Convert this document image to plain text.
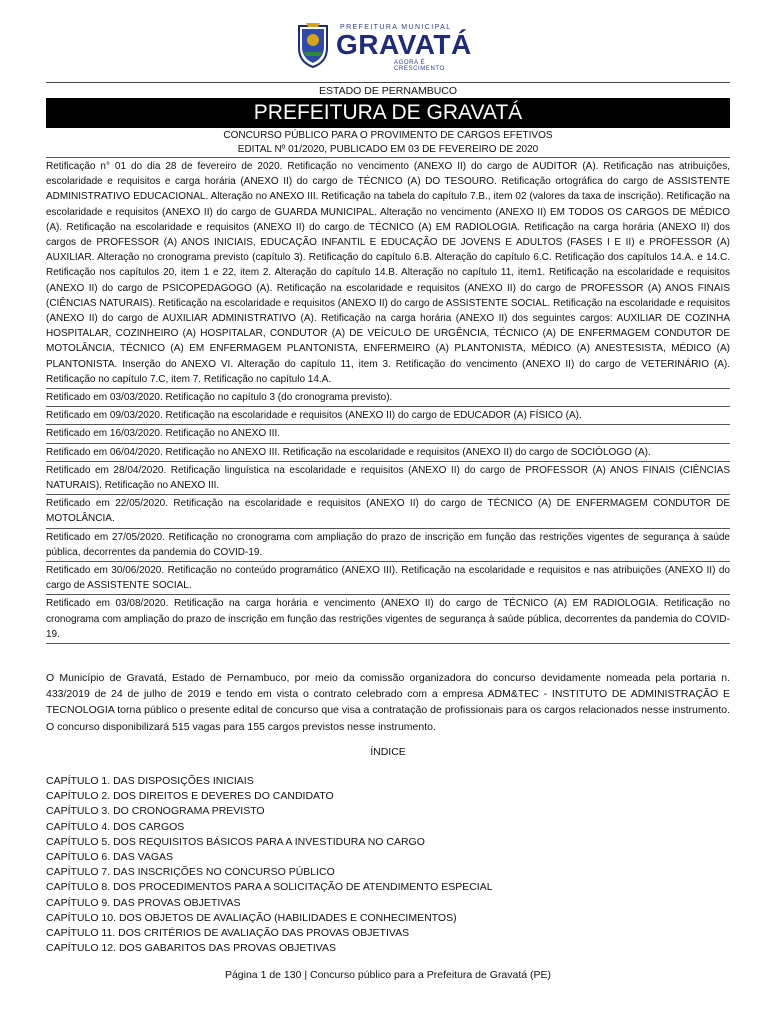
PREFEITURA MUNICIPAL
GRAVATÁ
AGORA É CRESCIMENTO
ESTADO DE PERNAMBUCO
PREFEITURA DE GRAVATÁ
CONCURSO PÚBLICO PARA O PROVIMENTO DE CARGOS EFETIVOS
EDITAL Nº 01/2020, PUBLICADO EM 03 DE FEVEREIRO DE 2020
Retificação n° 01 do dia 28 de fevereiro de 2020. Retificação no vencimento (ANEXO II) do cargo de AUDITOR (A). Retificação nas atribuições, escolaridade e requisitos e carga horária (ANEXO II) do cargo de TÉCNICO (A) DO TESOURO. Retificação ortográfica do cargo de ASSISTENTE ADMINISTRATIVO EDUCACIONAL. Alteração no ANEXO III. Retificação na tabela do capítulo 7.B., item 02 (valores da taxa de inscrição). Retificação na escolaridade e requisitos (ANEXO II) do cargo de GUARDA MUNICIPAL. Alteração no vencimento (ANEXO II) EM TODOS OS CARGOS DE MÉDICO (A). Retificação na escolaridade e requisitos (ANEXO II) do cargo de TÉCNICO (A) EM RADIOLOGIA. Retificação na carga horária (ANEXO II) dos cargos de PROFESSOR (A) ANOS INICIAIS, EDUCAÇÃO INFANTIL E EDUCAÇÃO DE JOVENS E ADULTOS (FASES I E II) e PROFESSOR (A) AUXILIAR. Alteração no cronograma previsto (capítulo 3). Retificação do capítulo 6.B. Alteração do capítulo 6.C. Retificação dos capítulos 14.A. e 14.C. Retificação nos capítulos 20, item 1 e 22, item 2. Alteração do capítulo 14.B. Alteração no capítulo 11, item1. Retificação na escolaridade e requisitos (ANEXO II) do cargo de PSICOPEDAGOGO (A). Retificação na escolaridade e requisitos (ANEXO II) do cargo de PROFESSOR (A) ANOS FINAIS (CIÊNCIAS NATURAIS). Retificação na escolaridade e requisitos (ANEXO II) do cargo de ASSISTENTE SOCIAL. Retificação na escolaridade e requisitos (ANEXO II) do cargo de AUXILIAR ADMINISTRATIVO (A). Retificação na carga horária (ANEXO II) dos seguintes cargos: AUXILIAR DE COZINHA HOSPITALAR, COZINHEIRO (A) HOSPITALAR, CONDUTOR (A) DE VEÍCULO DE URGÊNCIA, TÉCNICO (A) DE ENFERMAGEM CONDUTOR DE MOTOLÂNCIA, TÉCNICO (A) EM ENFERMAGEM PLANTONISTA, ENFERMEIRO (A) PLANTONISTA, MÉDICO (A) ANESTESISTA, MÉDICO (A) PLANTONISTA. Inserção do ANEXO VI. Alteração do capítulo 11, item 3. Retificação do vencimento (ANEXO II) do cargo de VETERINÁRIO (A). Retificação no capítulo 7.C, item 7. Retificação no capítulo 14.A.
Retificado em 03/03/2020. Retificação no capítulo 3 (do cronograma previsto).
Retificado em 09/03/2020. Retificação na escolaridade e requisitos (ANEXO II) do cargo de EDUCADOR (A) FÍSICO (A).
Retificado em 16/03/2020. Retificação no ANEXO III.
Retificado em 06/04/2020. Retificação no ANEXO III. Retificação na escolaridade e requisitos (ANEXO II) do cargo de SOCIÓLOGO (A).
Retificado em 28/04/2020. Retificação linguística na escolaridade e requisitos (ANEXO II) do cargo de PROFESSOR (A) ANOS FINAIS (CIÊNCIAS NATURAIS). Retificação no ANEXO III.
Retificado em 22/05/2020. Retificação na escolaridade e requisitos (ANEXO II) do cargo de TÉCNICO (A) DE ENFERMAGEM CONDUTOR DE MOTOLÂNCIA.
Retificado em 27/05/2020. Retificação no cronograma com ampliação do prazo de inscrição em função das restrições vigentes de segurança à saúde pública, decorrentes da pandemia do COVID-19.
Retificado em 30/06/2020. Retificação no conteúdo programático (ANEXO III). Retificação na escolaridade e requisitos e nas atribuições (ANEXO II) do cargo de ASSISTENTE SOCIAL.
Retificado em 03/08/2020. Retificação na carga horária e vencimento (ANEXO II) do cargo de TÉCNICO (A) EM RADIOLOGIA. Retificação no cronograma com ampliação do prazo de inscrição em função das restrições vigentes de segurança à saúde pública, decorrentes da pandemia do COVID-19.

O Município de Gravatá, Estado de Pernambuco, por meio da comissão organizadora do concurso devidamente nomeada pela portaria n. 433/2019 de 24 de julho de 2019 e tendo em vista o contrato celebrado com a empresa ADM&TEC - INSTITUTO DE ADMINISTRAÇÃO E TECNOLOGIA torna público o presente edital de concurso que visa a contratação de profissionais para os cargos relacionados nesse instrumento. O concurso disponibilizará 515 vagas para 155 cargos previstos nesse instrumento.

ÍNDICE
CAPÍTULO 1. DAS DISPOSIÇÕES INICIAIS
CAPÍTULO 2. DOS DIREITOS E DEVERES DO CANDIDATO
CAPÍTULO 3. DO CRONOGRAMA PREVISTO
CAPÍTULO 4. DOS CARGOS
CAPÍTULO 5. DOS REQUISITOS BÁSICOS PARA A INVESTIDURA NO CARGO
CAPÍTULO 6. DAS VAGAS
CAPÍTULO 7. DAS INSCRIÇÕES NO CONCURSO PÚBLICO
CAPÍTULO 8. DOS PROCEDIMENTOS PARA A SOLICITAÇÃO DE ATENDIMENTO ESPECIAL
CAPÍTULO 9. DAS PROVAS OBJETIVAS
CAPÍTULO 10. DOS OBJETOS DE AVALIAÇÃO (HABILIDADES E CONHECIMENTOS)
CAPÍTULO 11. DOS CRITÉRIOS DE AVALIAÇÃO DAS PROVAS OBJETIVAS
CAPÍTULO 12. DOS GABARITOS DAS PROVAS OBJETIVAS
Página 1 de 130 | Concurso público para a Prefeitura de Gravatá (PE)
